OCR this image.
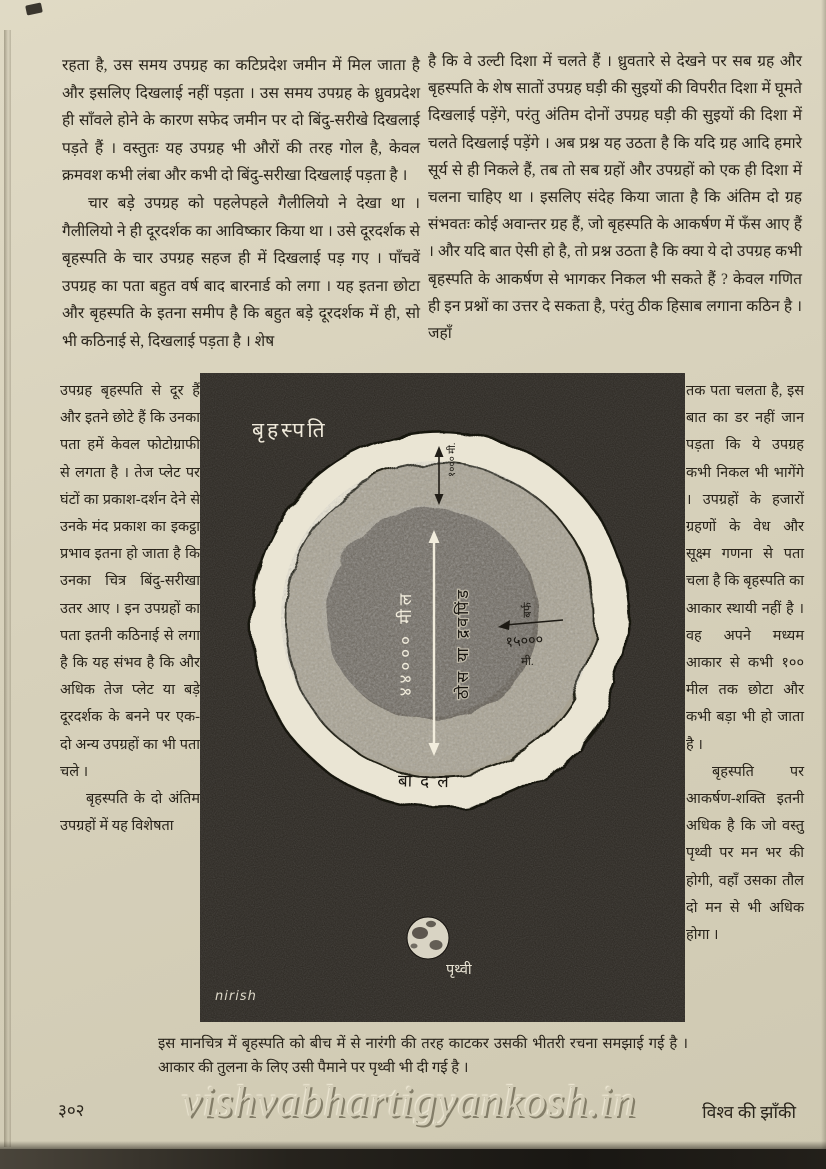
रहता है, उस समय उपग्रह का कटिप्रदेश जमीन में मिल जाता है और इसलिए दिखलाई नहीं पड़ता । उस समय उपग्रह के ध्रुवप्रदेश ही साँवले होने के कारण सफेद जमीन पर दो बिंदु-सरीखे दिखलाई पड़ते हैं । वस्तुतः यह उपग्रह भी औरों की तरह गोल है, केवल क्रमवश कभी लंबा और कभी दो बिंदु-सरीखा दिखलाई पड़ता है ।

चार बड़े उपग्रह को पहलेपहले गैलीलियो ने देखा था । गैलीलियो ने ही दूरदर्शक का आविष्कार किया था । उसे दूरदर्शक से बृहस्पति के चार उपग्रह सहज ही में दिखलाई पड़ गए । पाँचवें उपग्रह का पता बहुत वर्ष बाद बारनार्ड को लगा । यह इतना छोटा और बृहस्पति के इतना समीप है कि बहुत बड़े दूरदर्शक में ही, सो भी कठिनाई से, दिखलाई पड़ता है । शेष

है कि वे उल्टी दिशा में चलते हैं । ध्रुवतारे से देखने पर सब ग्रह और बृहस्पति के शेष सातों उपग्रह घड़ी की सुइयों की विपरीत दिशा में घूमते दिखलाई पड़ेंगे, परंतु अंतिम दोनों उपग्रह घड़ी की सुइयों की दिशा में चलते दिखलाई पड़ेंगे । अब प्रश्न यह उठता है कि यदि ग्रह आदि हमारे सूर्य से ही निकले हैं, तब तो सब ग्रहों और उपग्रहों को एक ही दिशा में चलना चाहिए था । इसलिए संदेह किया जाता है कि अंतिम दो ग्रह संभवतः कोई अवान्तर ग्रह हैं, जो बृहस्पति के आकर्षण में फँस आए हैं । और यदि बात ऐसी हो है, तो प्रश्न उठता है कि क्या ये दो उपग्रह कभी बृहस्पति के आकर्षण से भागकर निकल भी सकते हैं ? केवल गणित ही इन प्रश्नों का उत्तर दे सकता है, परंतु ठीक हिसाब लगाना कठिन है । जहाँ

उपग्रह बृहस्पति से दूर हैं और इतने छोटे हैं कि उनका पता हमें केवल फोटोग्राफी से लगता है । तेज प्लेट पर घंटों का प्रकाश-दर्शन देने से उनके मंद प्रकाश का इकट्ठा प्रभाव इतना हो जाता है कि उनका चित्र बिंदु-सरीखा उतर आए । इन उपग्रहों का पता इतनी कठिनाई से लगा है कि यह संभव है कि और अधिक तेज प्लेट या बड़े दूरदर्शक के बनने पर एक-दो अन्य उपग्रहों का भी पता चले ।

बृहस्पति के दो अंतिम उपग्रहों में यह विशेषता

तक पता चलता है, इस बात का डर नहीं जान पड़ता कि ये उपग्रह कभी निकल भी भागेंगे । उपग्रहों के हजारों ग्रहणों के वेध और सूक्ष्म गणना से पता चला है कि बृहस्पति का आकार स्थायी नहीं है । वह अपने मध्यम आकार से कभी १०० मील तक छोटा और कभी बड़ा भी हो जाता है ।

बृहस्पति पर आकर्षण-शक्ति इतनी अधिक है कि जो वस्तु पृथ्वी पर मन भर की होगी, वहाँ उसका तौल दो मन से भी अधिक होगा ।

बृहस्पति
१००० मी.
४४००० मील	ठोस या द्रवपिंड	बर्फ
१५०००
मी.
बादल
पृथ्वी
nirish
इस मानचित्र में बृहस्पति को बीच में से नारंगी की तरह काटकर उसकी भीतरी रचना समझाई गई है । आकार की तुलना के लिए उसी पैमाने पर पृथ्वी भी दी गई है ।
३०२ vishvabhartigyankosh.in	विश्व की झाँकी
